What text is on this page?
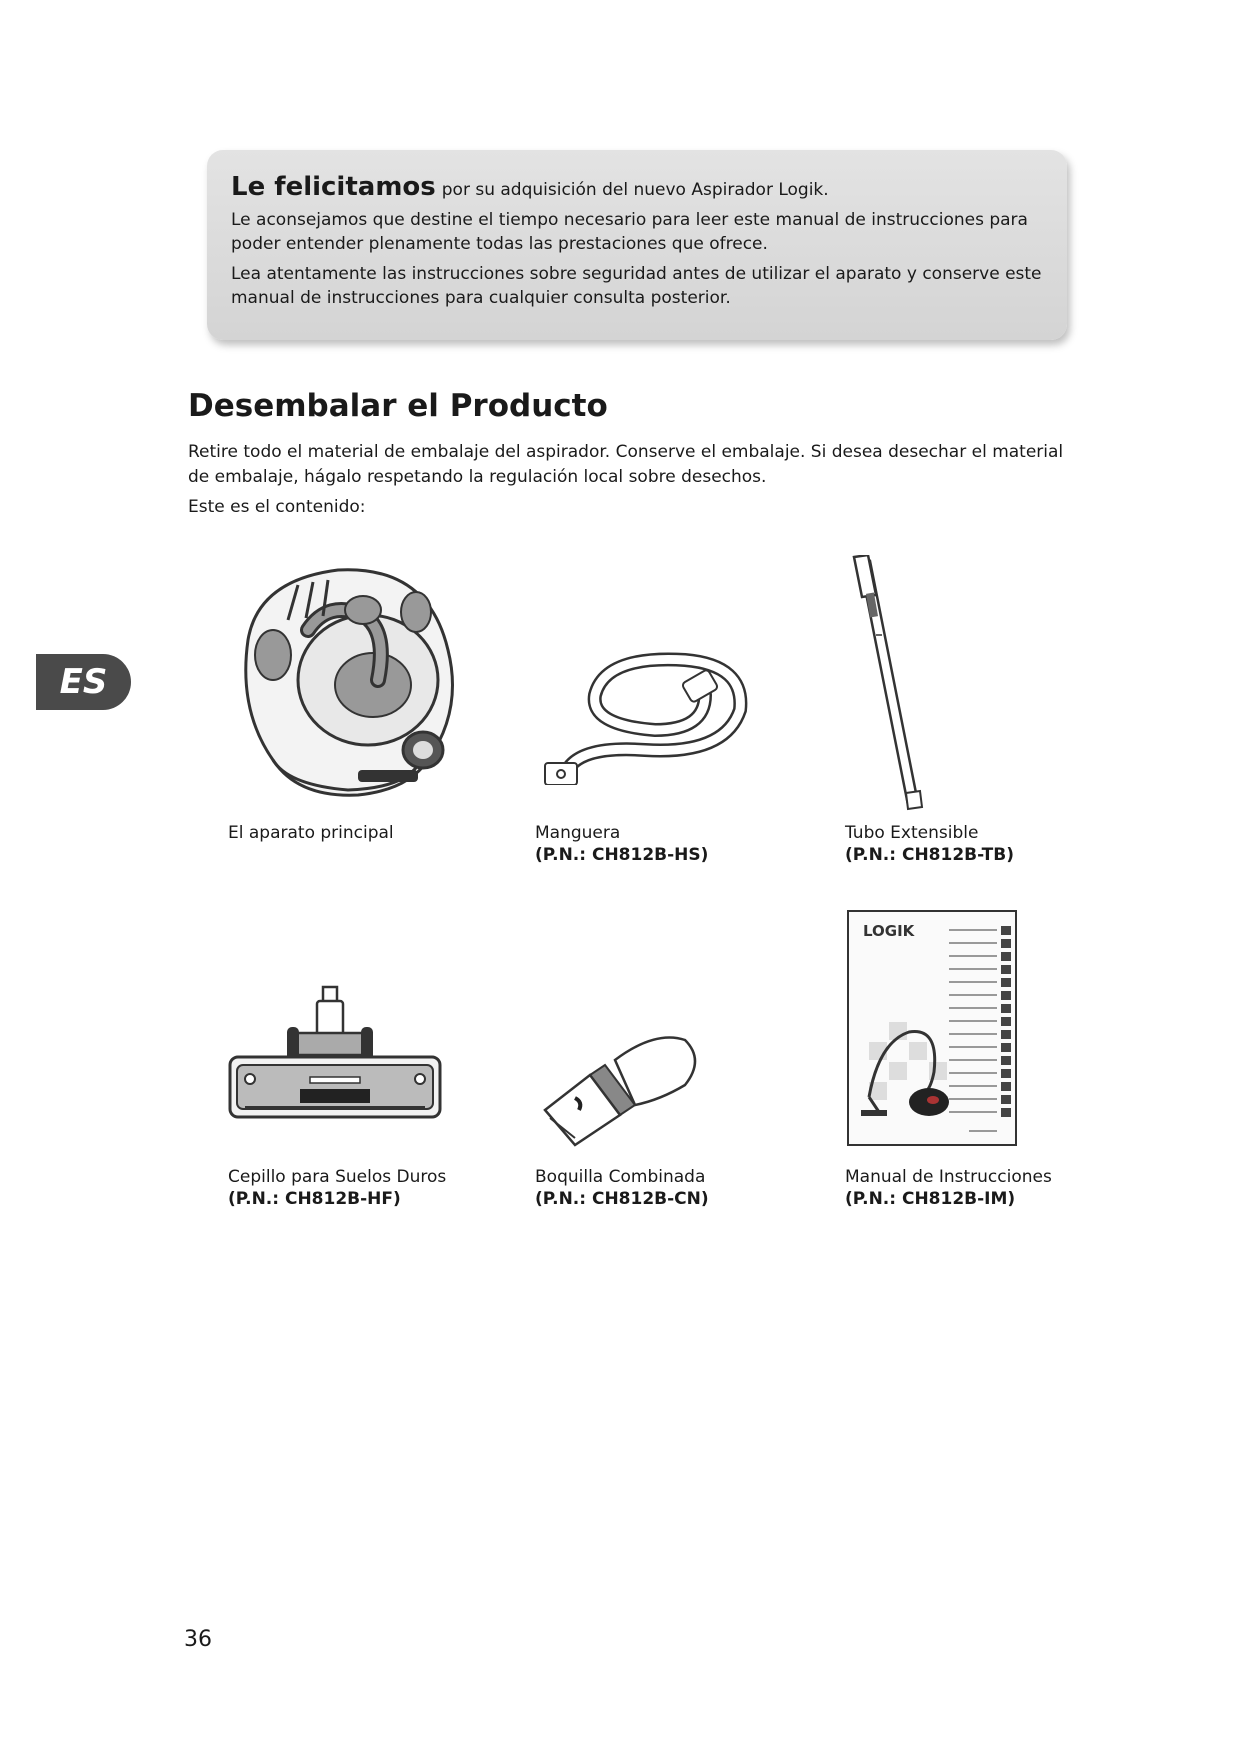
Le felicitamos por su adquisición del nuevo Aspirador Logik.

Le aconsejamos que destine el tiempo necesario para leer este manual de instrucciones para poder entender plenamente todas las prestaciones que ofrece.

Lea atentamente las instrucciones sobre seguridad antes de utilizar el aparato y conserve este manual de instrucciones para cualquier consulta posterior.

Desembalar el Producto

Retire todo el material de embalaje del aspirador. Conserve el embalaje. Si desea desechar el material de embalaje, hágalo respetando la regulación local sobre desechos.

Este es el contenido:

ES
LOGIK
El aparato principal	Manguera
(P.N.: CH812B-HS)
Tubo Extensible
(P.N.: CH812B-TB)
Cepillo para Suelos Duros
(P.N.: CH812B-HF)
Boquilla Combinada
(P.N.: CH812B-CN)
Manual de Instrucciones
(P.N.: CH812B-IM)
36
